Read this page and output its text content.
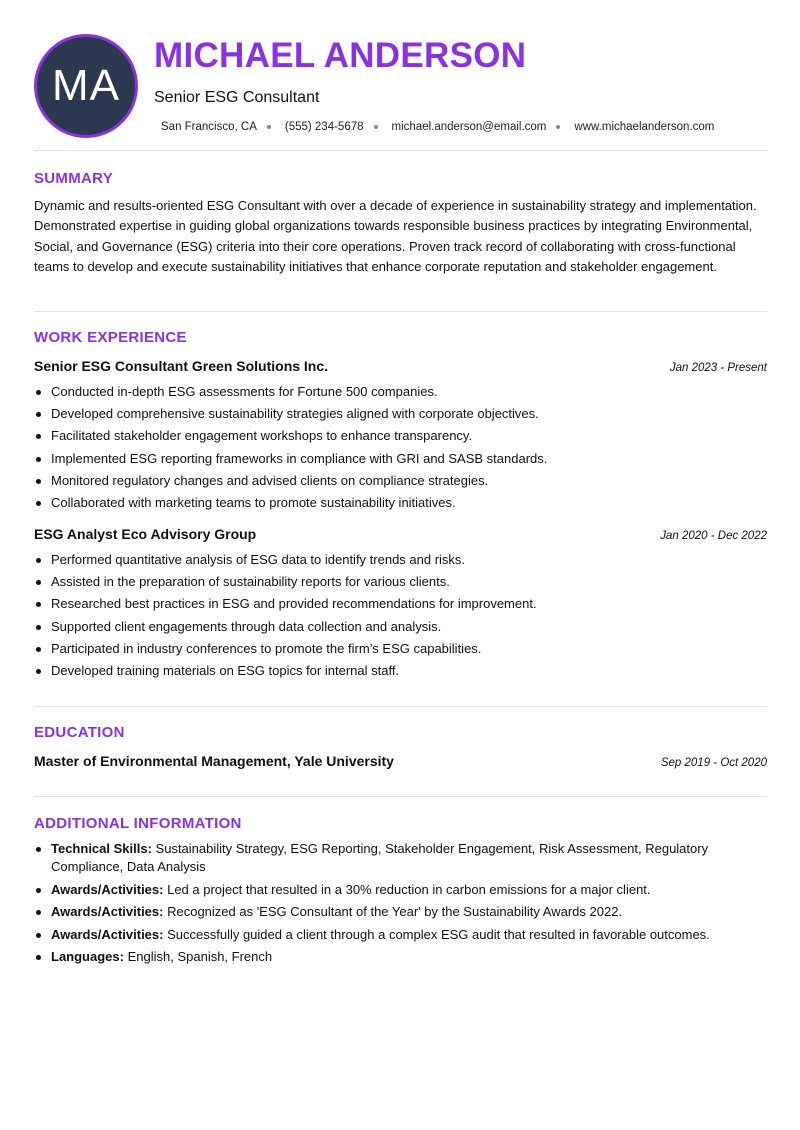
MA
MICHAEL ANDERSON
Senior ESG Consultant
San Francisco, CA (555) 234-5678 michael.anderson@email.com www.michaelanderson.com
SUMMARY

Dynamic and results-oriented ESG Consultant with over a decade of experience in sustainability strategy and implementation. Demonstrated expertise in guiding global organizations towards responsible business practices by integrating Environmental, Social, and Governance (ESG) criteria into their core operations. Proven track record of collaborating with cross-functional teams to develop and execute sustainability initiatives that enhance corporate reputation and stakeholder engagement.

WORK EXPERIENCE
Senior ESG Consultant Green Solutions Inc.	Jan 2023 - Present
Conducted in-depth ESG assessments for Fortune 500 companies.
Developed comprehensive sustainability strategies aligned with corporate objectives.
Facilitated stakeholder engagement workshops to enhance transparency.
Implemented ESG reporting frameworks in compliance with GRI and SASB standards.
Monitored regulatory changes and advised clients on compliance strategies.
Collaborated with marketing teams to promote sustainability initiatives.
ESG Analyst Eco Advisory Group	Jan 2020 - Dec 2022
Performed quantitative analysis of ESG data to identify trends and risks.
Assisted in the preparation of sustainability reports for various clients.
Researched best practices in ESG and provided recommendations for improvement.
Supported client engagements through data collection and analysis.
Participated in industry conferences to promote the firm’s ESG capabilities.
Developed training materials on ESG topics for internal staff.
EDUCATION
Master of Environmental Management, Yale University	Sep 2019 - Oct 2020
ADDITIONAL INFORMATION
Technical Skills: Sustainability Strategy, ESG Reporting, Stakeholder Engagement, Risk Assessment, Regulatory Compliance, Data Analysis
Awards/Activities: Led a project that resulted in a 30% reduction in carbon emissions for a major client.
Awards/Activities: Recognized as 'ESG Consultant of the Year' by the Sustainability Awards 2022.
Awards/Activities: Successfully guided a client through a complex ESG audit that resulted in favorable outcomes.
Languages: English, Spanish, French
